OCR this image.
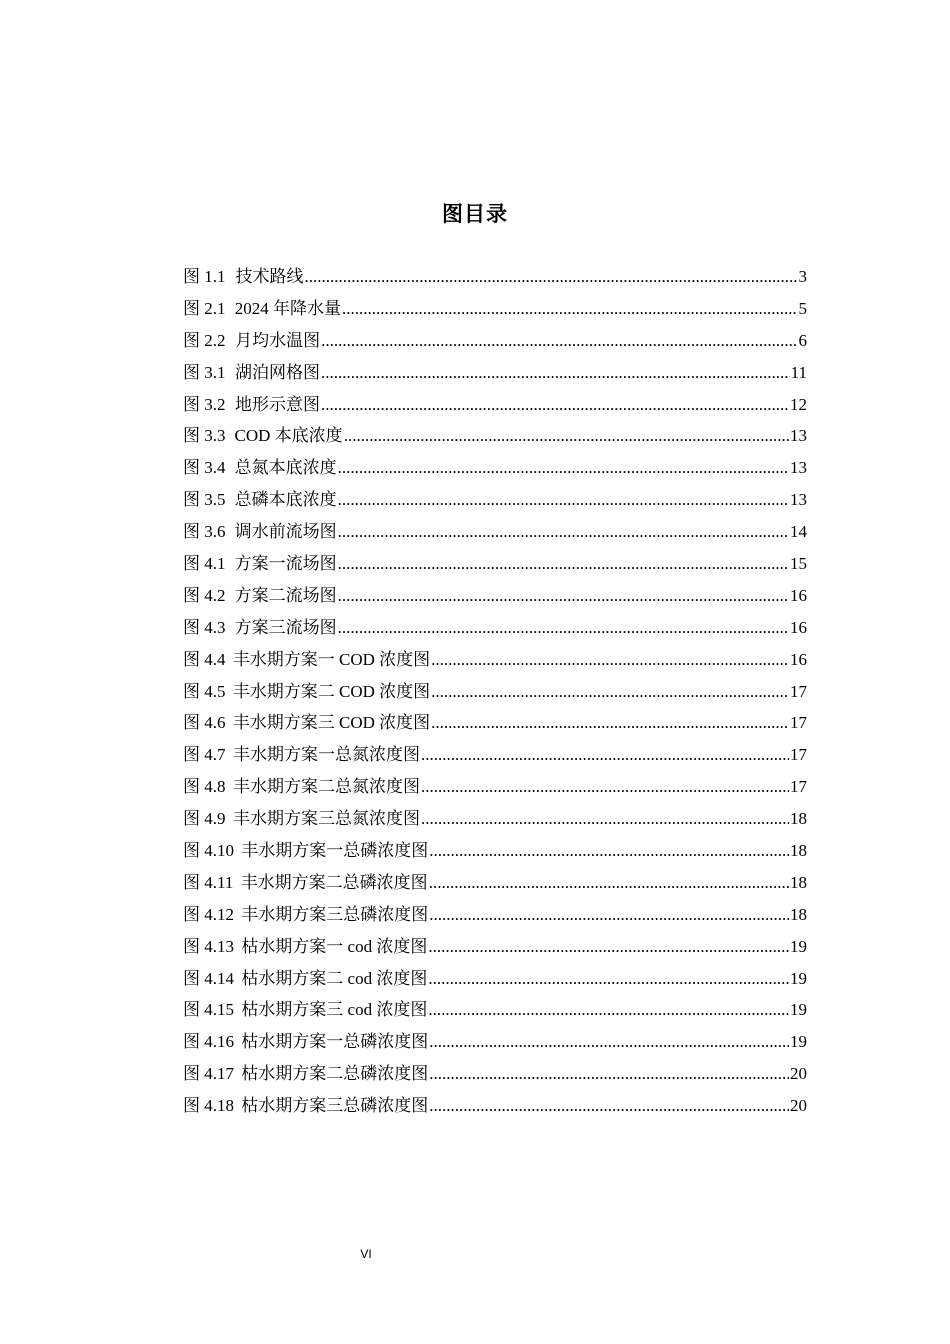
图目录
图 1.1 技术路线 .....	3
图 2.1 2024 年降水量 .....	5
图 2.2 月均水温图 .....	6
图 3.1 湖泊网格图 .....	11
图 3.2 地形示意图 .....	12
图 3.3 COD 本底浓度 .....	13
图 3.4 总氮本底浓度 .....	13
图 3.5 总磷本底浓度 .....	13
图 3.6 调水前流场图 .....	14
图 4.1 方案一流场图 .....	15
图 4.2 方案二流场图 .....	16
图 4.3 方案三流场图 .....	16
图 4.4 丰水期方案一 COD 浓度图 .....	16
图 4.5 丰水期方案二 COD 浓度图 .....	17
图 4.6 丰水期方案三 COD 浓度图 .....	17
图 4.7 丰水期方案一总氮浓度图 .....	17
图 4.8 丰水期方案二总氮浓度图 .....	17
图 4.9 丰水期方案三总氮浓度图 .....	18
图 4.10 丰水期方案一总磷浓度图 .....	18
图 4.11 丰水期方案二总磷浓度图 .....	18
图 4.12 丰水期方案三总磷浓度图 .....	18
图 4.13 枯水期方案一 cod 浓度图 .....	19
图 4.14 枯水期方案二 cod 浓度图 .....	19
图 4.15 枯水期方案三 cod 浓度图 .....	19
图 4.16 枯水期方案一总磷浓度图 .....	19
图 4.17 枯水期方案二总磷浓度图 .....	20
图 4.18 枯水期方案三总磷浓度图 .....	20
VI
